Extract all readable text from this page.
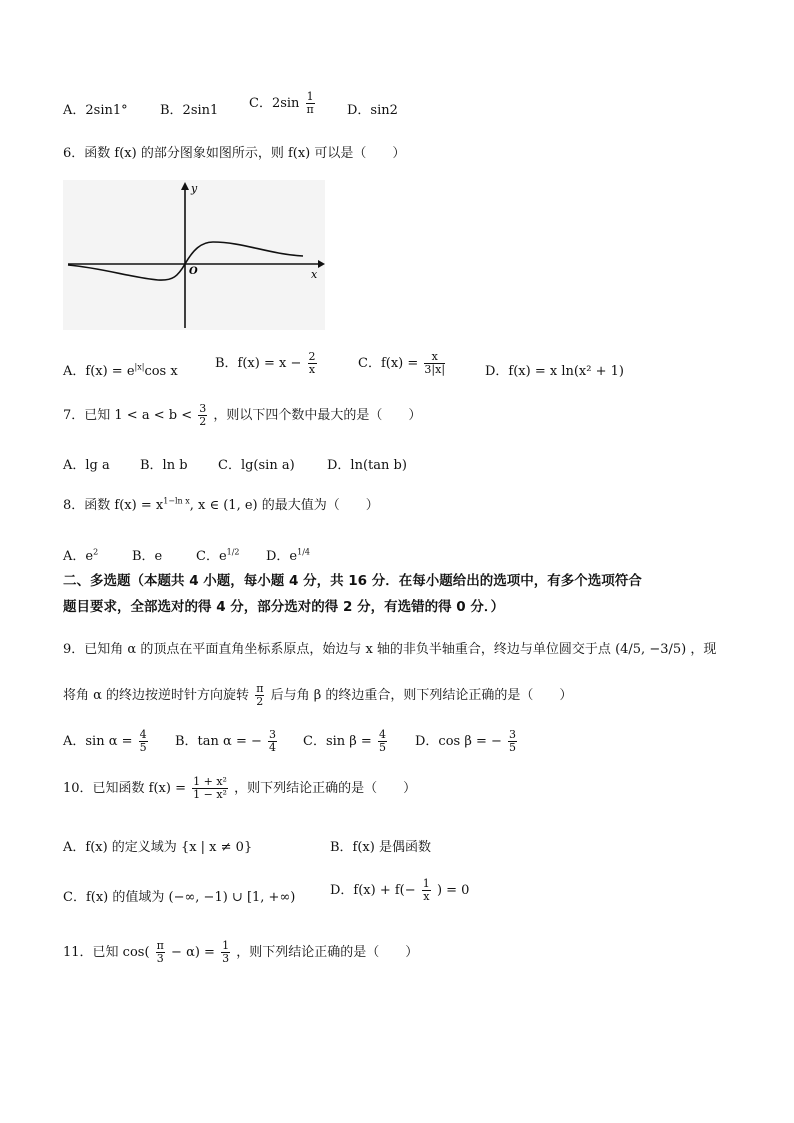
A．2sin1° B．2sin1 C．$2\sin \frac{1}{\pi}$ D．sin2
6．函数 f(x) 的部分图象如图所示，则 f(x) 可以是（　　）
x
y
O
A．$f(x) = e^{|x|}\cos$ x
B．$f(x) = x - \frac{2}{x}$	C．$f(x) = \frac{x}{3|x|}$	D．f(x) = x ln(x² + 1)
7．已知 $1 < a < b < \frac{3}{2}$ ，则以下四个数中最大的是（　　）
A．lg a B．ln b C．lg(sin a) D．ln(tan b)
8．函数 $f(x) = x^{1-ln x}$, x ∈ (1, e) 的最大值为（　　）
A．$e^2$	B．e	C．$e^{1/2}$ D．$e^{1/4}$
二、多选题（本题共 4 小题，每小题 4 分，共 16 分．在每小题给出的选项中，有多个选项符合
题目要求，全部选对的得 4 分，部分选对的得 2 分，有选错的得 0 分．）
9．已知角 α 的顶点在平面直角坐标系原点，始边与 x 轴的非负半轴重合，终边与单位圆交于点 (4/5, −3/5) ，现
将角 α 的终边按逆时针方向旋转 $\frac{\pi}{2}$ 后与角 β 的终边重合，则下列结论正确的是（　　）
A．$\sin \alpha = \frac{4}{5}$ B．tan α = − $\frac{3}{4}$ C．$\sin \beta = \frac{4}{5}$ D．cos β = − $\frac{3}{5}$
10．已知函数 $f(x) = \frac{\text{1 + x²}}{\text{1 − x²}}$ ，则下列结论正确的是（　　）
A．f(x) 的定义域为 {x | x ≠ 0}	B．f(x) 是偶函数
C．f(x) 的值域为 (−∞, −1) ∪ [1, +∞)	D．$f(x) + f(- \frac{1}{x}$ ) = 0
11．已知 $\cos( \frac{\pi}{3} - \alpha) = \frac{1}{3}$ ，则下列结论正确的是（　　）
